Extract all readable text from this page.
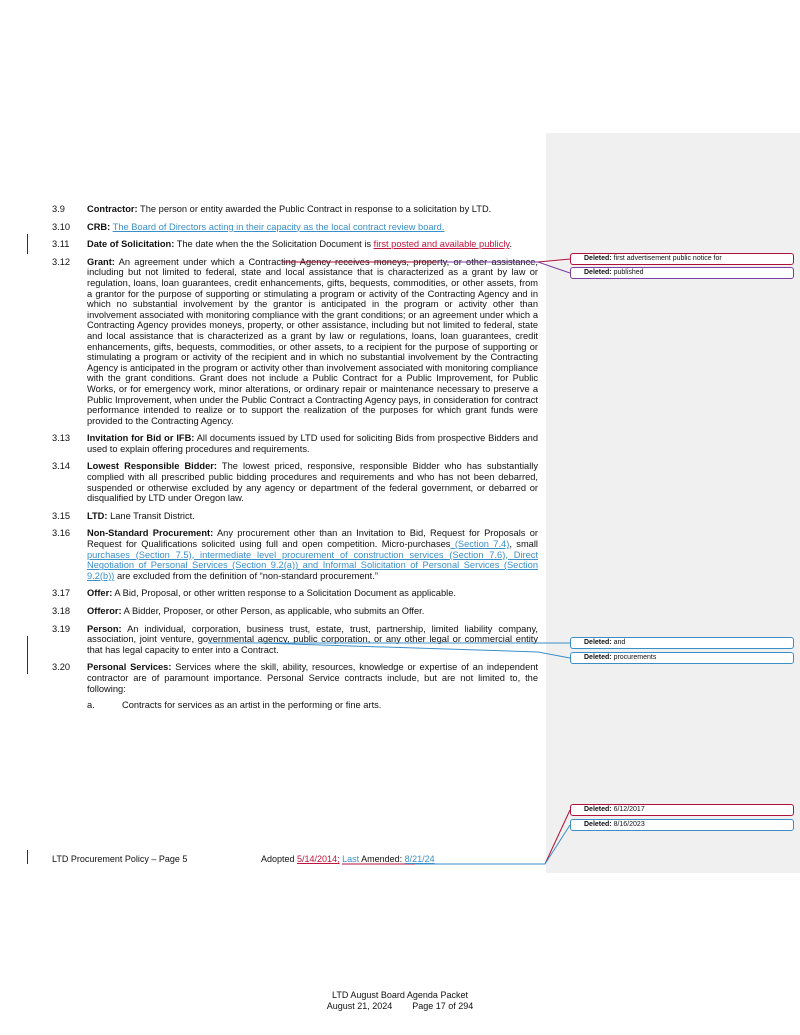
3.9 Contractor: The person or entity awarded the Public Contract in response to a solicitation by LTD.
3.10 CRB: The Board of Directors acting in their capacity as the local contract review board.
3.11 Date of Solicitation: The date when the the Solicitation Document is first posted and available publicly.
3.12 Grant: An agreement under which a Contracting Agency receives moneys, property, or other assistance, including but not limited to federal, state and local assistance that is characterized as a grant by law or regulation, loans, loan guarantees, credit enhancements, gifts, bequests, commodities, or other assets, from a grantor for the purpose of supporting or stimulating a program or activity of the Contracting Agency and in which no substantial involvement by the grantor is anticipated in the program or activity other than involvement associated with monitoring compliance with the grant conditions; or an agreement under which a Contracting Agency provides moneys, property, or other assistance, including but not limited to federal, state and local assistance that is characterized as a grant by law or regulations, loans, loan guarantees, credit enhancements, gifts, bequests, commodities, or other assets, to a recipient for the purpose of supporting or stimulating a program or activity of the recipient and in which no substantial involvement by the Contracting Agency is anticipated in the program or activity other than involvement associated with monitoring compliance with the grant conditions. Grant does not include a Public Contract for a Public Improvement, for Public Works, or for emergency work, minor alterations, or ordinary repair or maintenance necessary to preserve a Public Improvement, when under the Public Contract a Contracting Agency pays, in consideration for contract performance intended to realize or to support the realization of the purposes for which grant funds were provided to the Contracting Agency.
3.13 Invitation for Bid or IFB: All documents issued by LTD used for soliciting Bids from prospective Bidders and used to explain offering procedures and requirements.
3.14 Lowest Responsible Bidder: The lowest priced, responsive, responsible Bidder who has substantially complied with all prescribed public bidding procedures and requirements and who has not been debarred, suspended or otherwise excluded by any agency or department of the federal government, or debarred or disqualified by LTD under Oregon law.
3.15 LTD: Lane Transit District.
3.16 Non-Standard Procurement: Any procurement other than an Invitation to Bid, Request for Proposals or Request for Qualifications solicited using full and open competition. Micro-purchases (Section 7.4), small purchases (Section 7.5), intermediate level procurement of construction services (Section 7.6), Direct Negotiation of Personal Services (Section 9.2(a)) and Informal Solicitation of Personal Services (Section 9.2(b)) are excluded from the definition of “non-standard procurement.”
3.17 Offer: A Bid, Proposal, or other written response to a Solicitation Document as applicable.
3.18 Offeror: A Bidder, Proposer, or other Person, as applicable, who submits an Offer.
3.19 Person: An individual, corporation, business trust, estate, trust, partnership, limited liability company, association, joint venture, governmental agency, public corporation, or any other legal or commercial entity that has legal capacity to enter into a Contract.
3.20 Personal Services: Services where the skill, ability, resources, knowledge or expertise of an independent contractor are of paramount importance. Personal Service contracts include, but are not limited to, the following:
a.	Contracts for services as an artist in the performing or fine arts.
Deleted: first advertisement public notice for
Deleted: published
Deleted: and
Deleted: procurements
Deleted: 6/12/2017
Deleted: 8/16/2023
LTD Procurement Policy – Page 5	Adopted 5/14/2014; Last Amended: 8/21/24
LTD August Board Agenda Packet
August 21, 2024        Page 17 of 294
